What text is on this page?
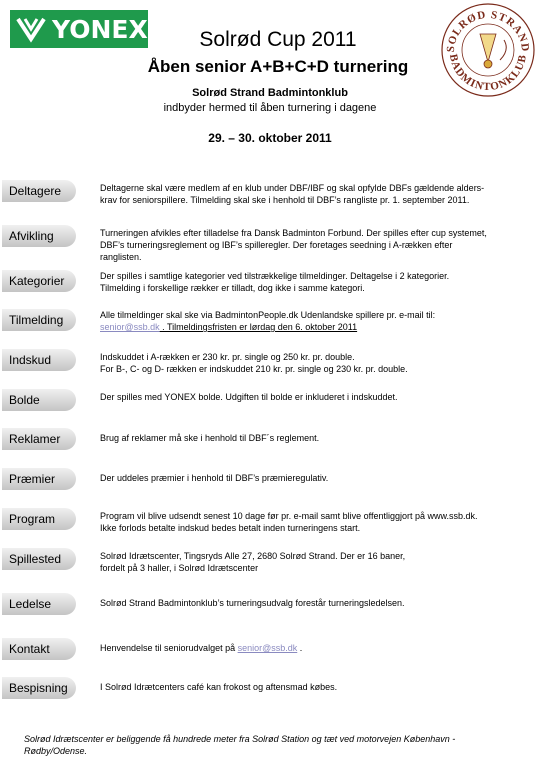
YONEX
SOLRØD STRAND
BADMINTONKLUB
Solrød Cup 2011
Åben senior A+B+C+D turnering
Solrød Strand Badmintonklub
indbyder hermed til åben turnering i dagene
29. – 30. oktober 2011
Deltagere	Deltagerne skal være medlem af en klub under DBF/IBF og skal opfylde DBFs gældende alders-

krav for seniorspillere. Tilmelding skal ske i henhold til DBF’s rangliste pr. 1. september 2011.

Afvikling	Turneringen afvikles efter tilladelse fra Dansk Badminton Forbund. Der spilles efter cup systemet,

DBF’s turneringsreglement og IBF’s spilleregler. Der foretages seedning i A-rækken efter

ranglisten.

Kategorier	Der spilles i samtlige kategorier ved tilstrækkelige tilmeldinger. Deltagelse i 2 kategorier.

Tilmelding i forskellige rækker er tilladt, dog ikke i samme kategori.

Tilmelding	Alle tilmeldinger skal ske via BadmintonPeople.dk Udenlandske spillere pr. e-mail til:

senior@ssb.dk . Tilmeldingsfristen er lørdag den 6. oktober 2011

Indskud	Indskuddet i A-rækken er 230 kr. pr. single og 250 kr. pr. double.

For B-, C- og D- rækken er indskuddet 210 kr. pr. single og 230 kr. pr. double.

Bolde	Der spilles med YONEX bolde. Udgiften til bolde er inkluderet i indskuddet.

Reklamer	Brug af reklamer må ske i henhold til DBF´s reglement.

Præmier	Der uddeles præmier i henhold til DBF’s præmieregulativ.

Program	Program vil blive udsendt senest 10 dage før pr. e-mail samt blive offentliggjort på www.ssb.dk.

Ikke forlods betalte indskud bedes betalt inden turneringens start.

Spillested	Solrød Idrætscenter, Tingsryds Alle 27, 2680 Solrød Strand. Der er 16 baner,

fordelt på 3 haller, i Solrød Idrætscenter

Ledelse	Solrød Strand Badmintonklub’s turneringsudvalg forestår turneringsledelsen.

Kontakt	Henvendelse til seniorudvalget på senior@ssb.dk .

Bespisning	I Solrød Idrætcenters café kan frokost og aftensmad købes.

Solrød Idrætscenter er beliggende få hundrede meter fra Solrød Station og tæt ved motorvejen København -
Rødby/Odense.
